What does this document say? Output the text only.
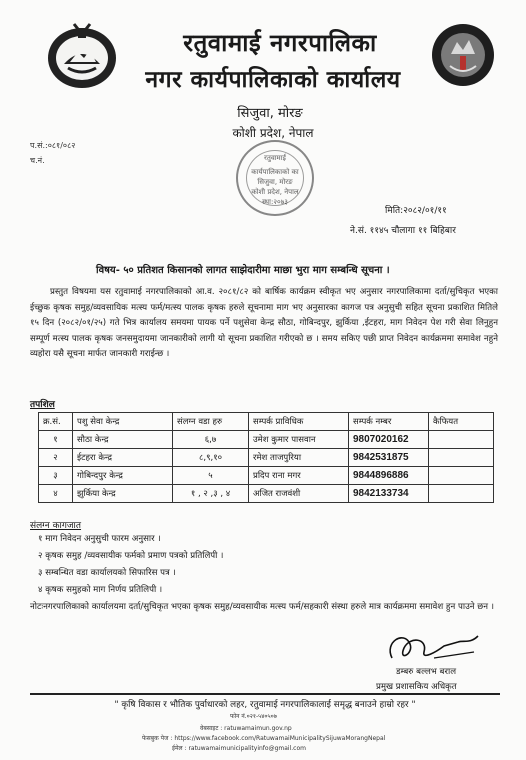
रतुवामाई नगरपालिका
नगर कार्यपालिकाको कार्यालय
सिजुवा, मोरङ
कोशी प्रदेश, नेपाल
प.सं.:०८१/०८२
च.नं.	रतुवामाई
कार्यपालिकाको का
सिजुवा, मोरङ
कोशी प्रदेश, नेपाल
स्था:२०७३
मिति:२०८२/०१/११
ने.सं. ११४५ चौलागा ११ बिहिबार
विषय- ५० प्रतिशत किसानको लागत साझेदारीमा माछा भुरा माग सम्बन्धि सूचना ।
प्रस्तुत विषयमा यस रतुवामाई नगरपालिकाको आ.व. २०८१/८२ को बार्षिक कार्यक्रम स्वीकृत भए अनुसार नगरपालिकामा दर्ता/सुचिकृत भएका ईच्छुक कृषक समुह/व्यवसायिक मत्स्य फर्म/मत्स्य पालक कृषक हरुले सूचनामा माग भए अनुसारका कागज पत्र अनुसुची सहित सूचना प्रकाशित मितिले १५ दिन (२०८२/०१/२५) गते भित्र कार्यालय समयमा पायक पर्ने पशुसेवा केन्द्र सौठा, गोबिन्दपुर, झुर्किया ,ईटहरा, माग निवेदन पेश गरी सेवा लिनुहुन सम्पूर्ण मत्स्य पालक कृषक जनसमुदायमा जानकारीको लागी यो सूचना प्रकाशित गरीएको छ । समय सकिए पछी प्राप्त निवेदन कार्यक्रममा समावेश नहुने व्यहोरा यसै सूचना मार्फत जानकारी गराईन्छ ।
तपशिल
क्र.सं.	पशु सेवा केन्द्र	संलग्न वडा हरु	सम्पर्क प्राविधिक	सम्पर्क नम्बर	कैफियत
१	सौठा केन्द्र	६,७	उमेश कुमार पासवान	9807020162	
२	ईटहरा केन्द्र	८,९,१०	रमेश ताजपुरिया	9842531875	
३	गोबिन्दपुर केन्द्र	५	प्रदिप राना मगर	9844896886	
४	झुर्किया केन्द्र	१ , २ ,३ , ४	अजित राजवंशी	9842133734	
संलग्न कागजात
१ माग निवेदन अनुसुची फारम अनुसार ।
२ कृषक समुह /व्यवसायीक फर्मको प्रमाण पत्रको प्रतिलिपी ।
३ सम्बन्धित वडा कार्यालयको सिफारिस पत्र ।
४ कृषक समुहको माग निर्णय प्रतिलिपी ।
नोटःनगरपालिकाको कार्यालयमा दर्ता/सुचिकृत भएका कृषक समुह/व्यवसायीक मत्स्य फर्म/सहकारी संस्था हरुले मात्र कार्यक्रममा समावेश हुन पाउने छन ।
डम्बरु बल्लभ बराल
प्रमुख प्रशासकिय अधिकृत
" कृषि विकास र भौतिक पुर्वाधारको लहर, रतुवामाई नगरपालिकालाई समृद्ध बनाउने हाम्रो रहर "
फोन नं.०२१-५४०५०७
वेबसाइट : ratuwamaimun.gov.np
फेसबुक पेज : https://www.facebook.com/RatuwamaiMunicipalitySijuwaMorangNepal
ईमेल : ratuwamaimunicipalityinfo@gmail.com
